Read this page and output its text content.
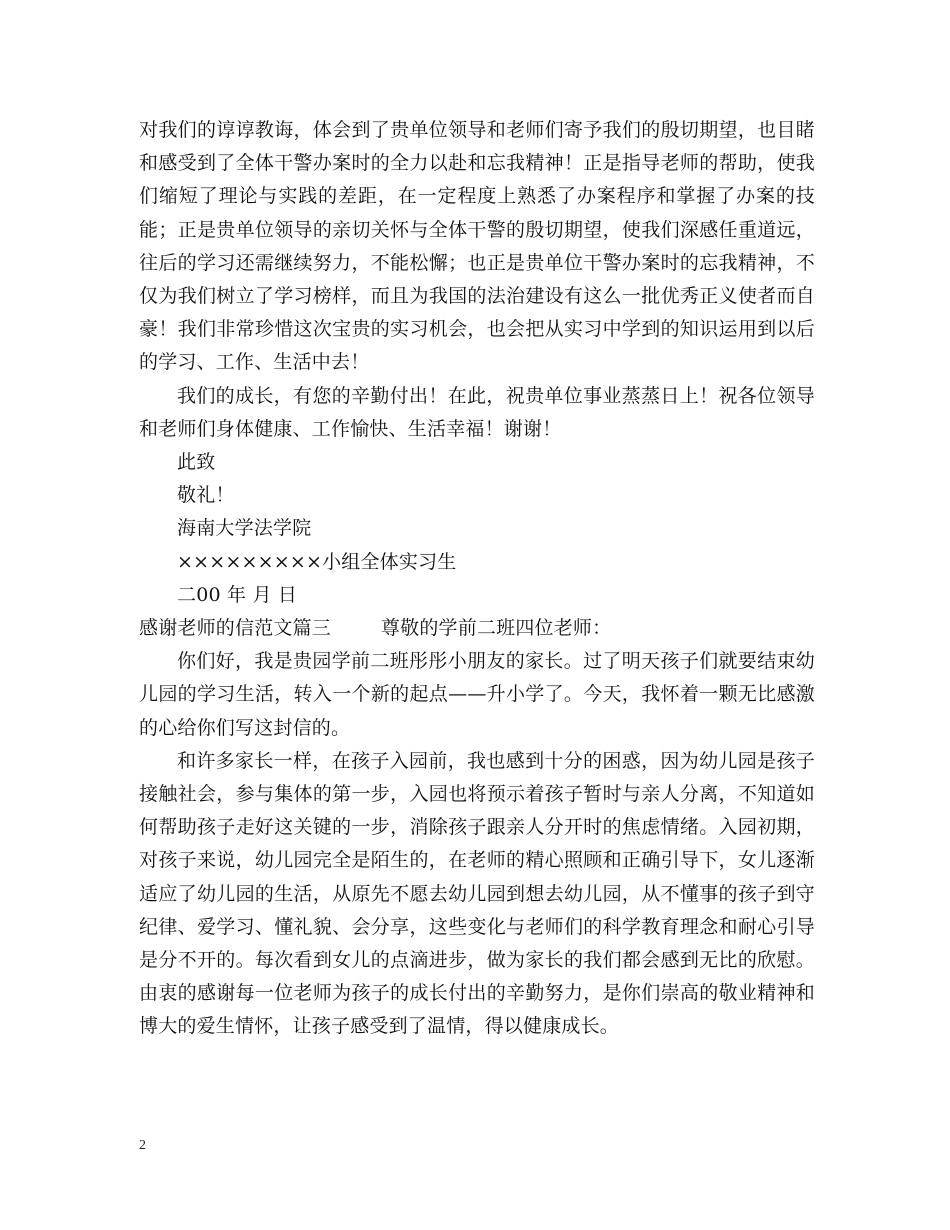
对我们的谆谆教诲，体会到了贵单位领导和老师们寄予我们的殷切期望，也目睹和感受到了全体干警办案时的全力以赴和忘我精神！正是指导老师的帮助，使我们缩短了理论与实践的差距，在一定程度上熟悉了办案程序和掌握了办案的技能；正是贵单位领导的亲切关怀与全体干警的殷切期望，使我们深感任重道远，往后的学习还需继续努力，不能松懈；也正是贵单位干警办案时的忘我精神，不仅为我们树立了学习榜样，而且为我国的法治建设有这么一批优秀正义使者而自豪！我们非常珍惜这次宝贵的实习机会，也会把从实习中学到的知识运用到以后的学习、工作、生活中去！

我们的成长，有您的辛勤付出！在此，祝贵单位事业蒸蒸日上！祝各位领导和老师们身体健康、工作愉快、生活幸福！谢谢！

此致

敬礼！

海南大学法学院

×××××××××小组全体实习生

二00 年 月 日

感谢老师的信范文篇三        尊敬的学前二班四位老师：

你们好，我是贵园学前二班彤彤小朋友的家长。过了明天孩子们就要结束幼儿园的学习生活，转入一个新的起点——升小学了。今天，我怀着一颗无比感激的心给你们写这封信的。

和许多家长一样，在孩子入园前，我也感到十分的困惑，因为幼儿园是孩子接触社会，参与集体的第一步，入园也将预示着孩子暂时与亲人分离，不知道如何帮助孩子走好这关键的一步，消除孩子跟亲人分开时的焦虑情绪。入园初期，对孩子来说，幼儿园完全是陌生的，在老师的精心照顾和正确引导下，女儿逐渐适应了幼儿园的生活，从原先不愿去幼儿园到想去幼儿园，从不懂事的孩子到守纪律、爱学习、懂礼貌、会分享，这些变化与老师们的科学教育理念和耐心引导是分不开的。每次看到女儿的点滴进步，做为家长的我们都会感到无比的欣慰。由衷的感谢每一位老师为孩子的成长付出的辛勤努力，是你们崇高的敬业精神和博大的爱生情怀，让孩子感受到了温情，得以健康成长。

2
